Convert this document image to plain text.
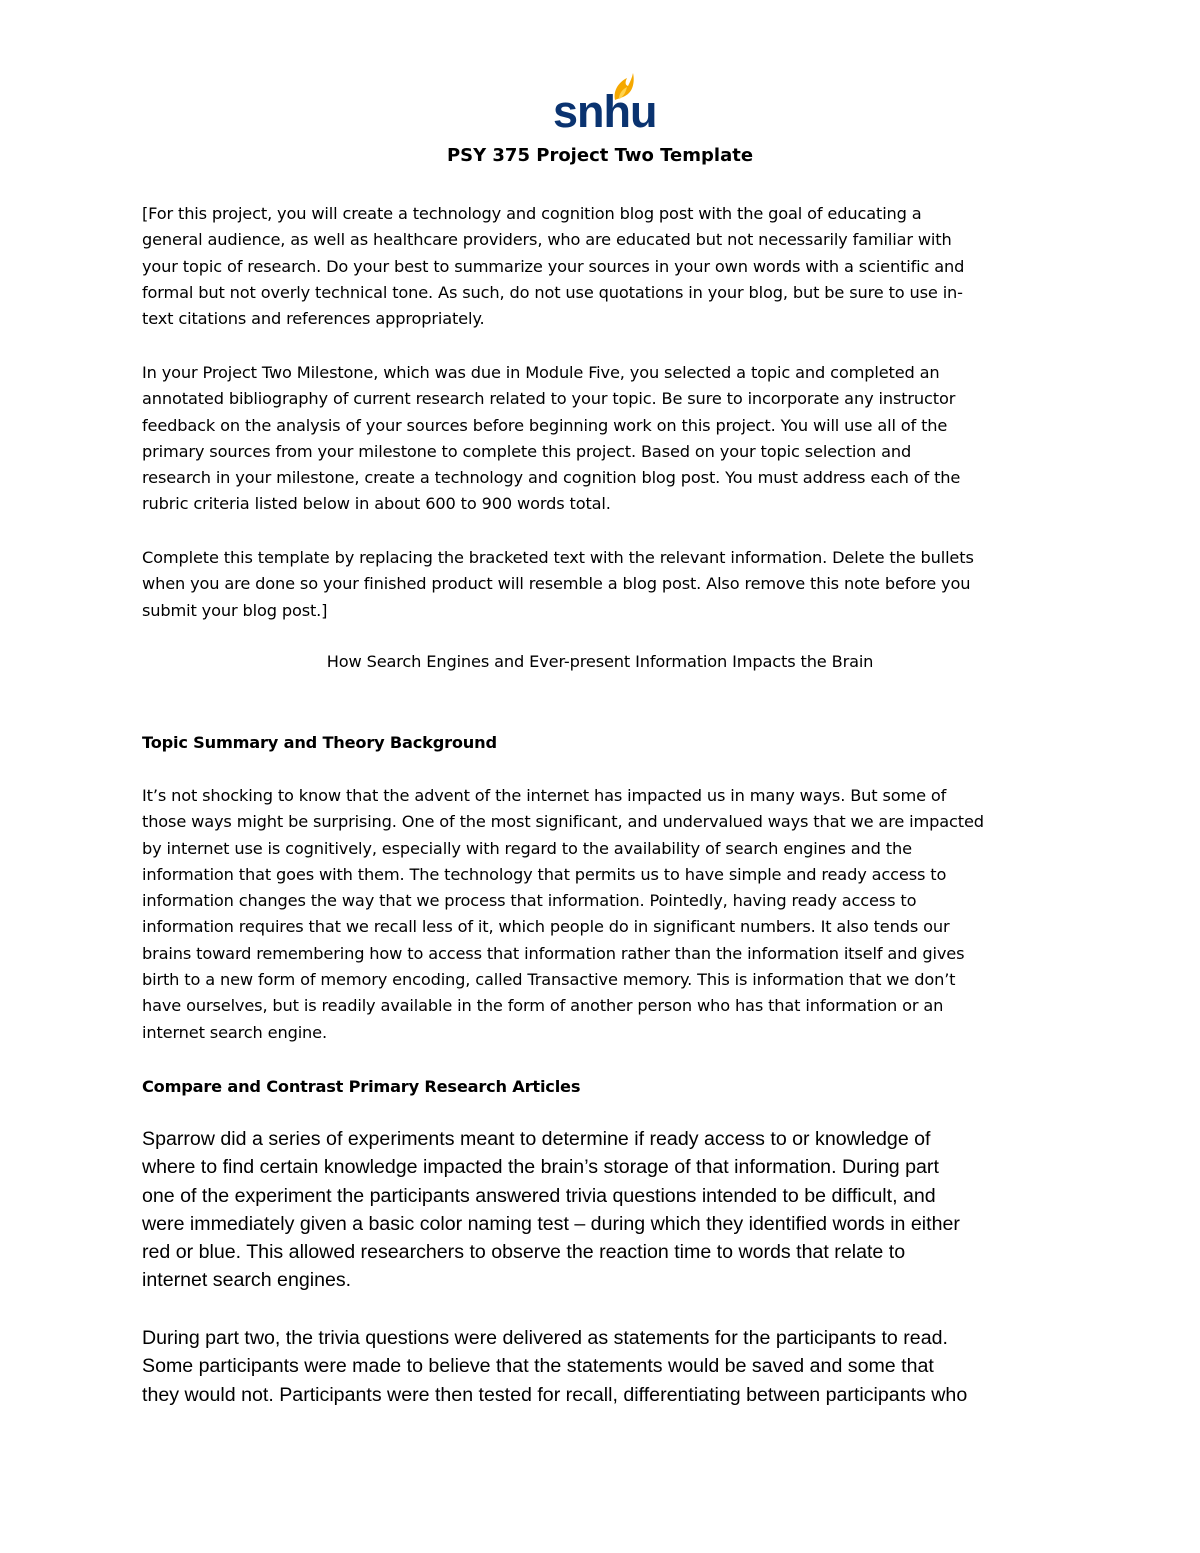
snhu
PSY 375 Project Two Template

[For this project, you will create a technology and cognition blog post with the goal of educating a
general audience, as well as healthcare providers, who are educated but not necessarily familiar with
your topic of research. Do your best to summarize your sources in your own words with a scientific and
formal but not overly technical tone. As such, do not use quotations in your blog, but be sure to use in-
text citations and references appropriately.

In your Project Two Milestone, which was due in Module Five, you selected a topic and completed an
annotated bibliography of current research related to your topic. Be sure to incorporate any instructor
feedback on the analysis of your sources before beginning work on this project. You will use all of the
primary sources from your milestone to complete this project. Based on your topic selection and
research in your milestone, create a technology and cognition blog post. You must address each of the
rubric criteria listed below in about 600 to 900 words total.

Complete this template by replacing the bracketed text with the relevant information. Delete the bullets
when you are done so your finished product will resemble a blog post. Also remove this note before you
submit your blog post.]

How Search Engines and Ever-present Information Impacts the Brain
Topic Summary and Theory Background

It’s not shocking to know that the advent of the internet has impacted us in many ways. But some of
those ways might be surprising. One of the most significant, and undervalued ways that we are impacted
by internet use is cognitively, especially with regard to the availability of search engines and the
information that goes with them. The technology that permits us to have simple and ready access to
information changes the way that we process that information. Pointedly, having ready access to
information requires that we recall less of it, which people do in significant numbers. It also tends our
brains toward remembering how to access that information rather than the information itself and gives
birth to a new form of memory encoding, called Transactive memory. This is information that we don’t
have ourselves, but is readily available in the form of another person who has that information or an
internet search engine.

Compare and Contrast Primary Research Articles

Sparrow did a series of experiments meant to determine if ready access to or knowledge of
where to find certain knowledge impacted the brain’s storage of that information. During part
one of the experiment the participants answered trivia questions intended to be difficult, and
were immediately given a basic color naming test – during which they identified words in either
red or blue. This allowed researchers to observe the reaction time to words that relate to
internet search engines.

During part two, the trivia questions were delivered as statements for the participants to read.
Some participants were made to believe that the statements would be saved and some that
they would not. Participants were then tested for recall, differentiating between participants who
